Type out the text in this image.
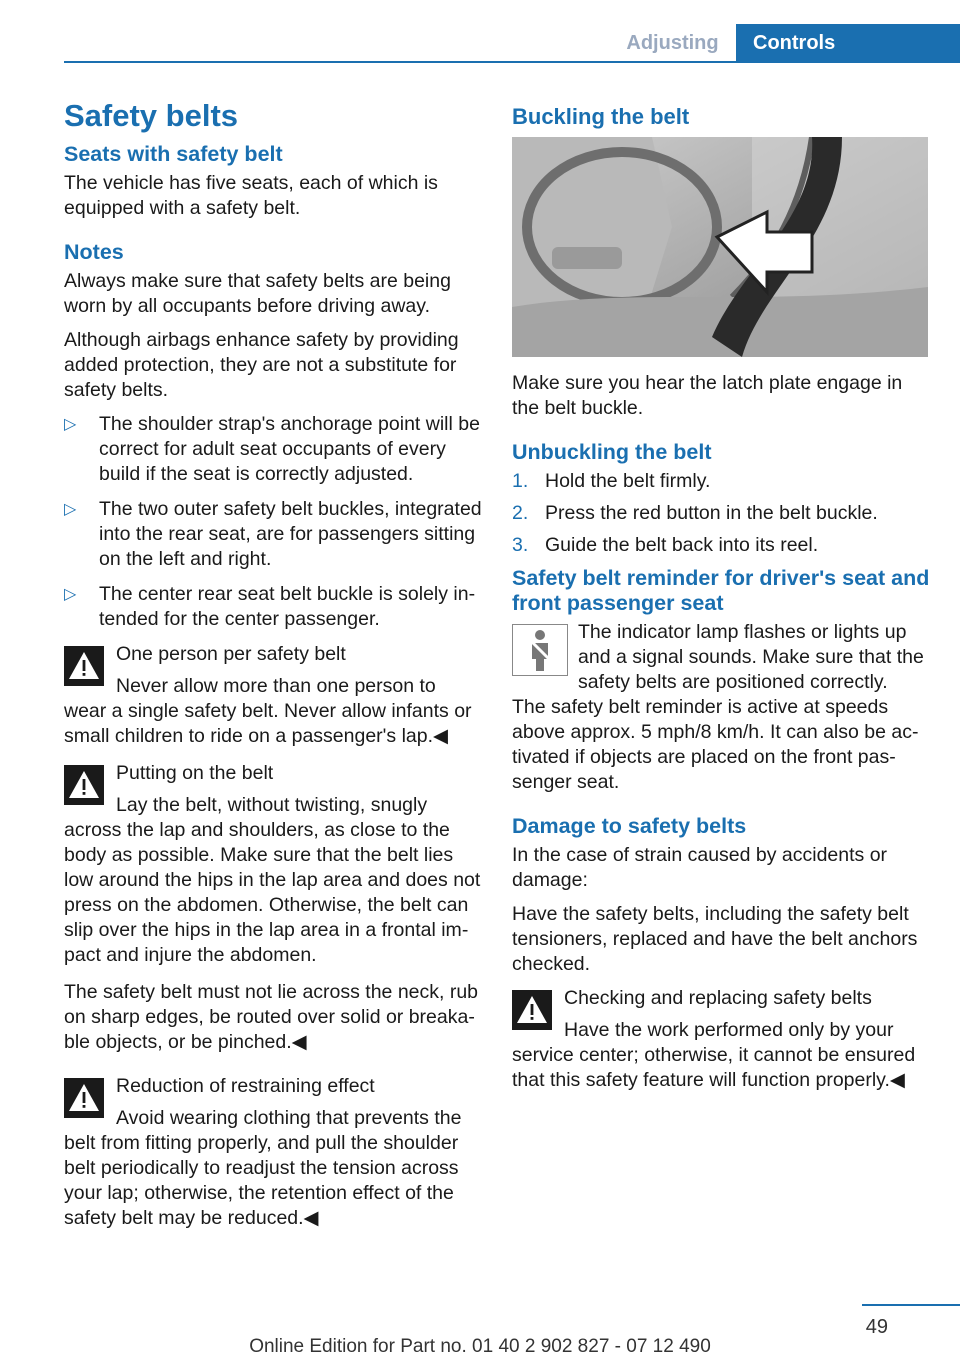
Adjusting	Controls
Safety belts
Seats with safety belt

The vehicle has five seats, each of which is equipped with a safety belt.

Notes

Always make sure that safety belts are being worn by all occupants before driving away.

Although airbags enhance safety by providing added protection, they are not a substitute for safety belts.

▷ The shoulder strap's anchorage point will be correct for adult seat occupants of every build if the seat is correctly adjusted.
▷ The two outer safety belt buckles, integrated into the rear seat, are for passengers sitting on the left and right.
▷ The center rear seat belt buckle is solely intended for the center passenger.
One person per safety belt
Never allow more than one person to wear a single safety belt. Never allow infants or small children to ride on a passenger's lap.◀
Putting on the belt
Lay the belt, without twisting, snugly across the lap and shoulders, as close to the body as possible. Make sure that the belt lies low around the hips in the lap area and does not press on the abdomen. Otherwise, the belt can slip over the hips in the lap area in a frontal impact and injure the abdomen.

The safety belt must not lie across the neck, rub on sharp edges, be routed over solid or breakable objects, or be pinched.◀

Reduction of restraining effect
Avoid wearing clothing that prevents the belt from fitting properly, and pull the shoulder belt periodically to readjust the tension across your lap; otherwise, the retention effect of the safety belt may be reduced.◀
Buckling the belt

Make sure you hear the latch plate engage in the belt buckle.

Unbuckling the belt
1. Hold the belt firmly.
2. Press the red button in the belt buckle.
3. Guide the belt back into its reel.
Safety belt reminder for driver's seat and front passenger seat
The indicator lamp flashes or lights up and a signal sounds. Make sure that the safety belts are positioned correctly.

The safety belt reminder is active at speeds above approx. 5 mph/8 km/h. It can also be activated if objects are placed on the front passenger seat.

Damage to safety belts

In the case of strain caused by accidents or damage:

Have the safety belts, including the safety belt tensioners, replaced and have the belt anchors checked.

Checking and replacing safety belts
Have the work performed only by your service center; otherwise, it cannot be ensured that this safety feature will function properly.◀
49
Online Edition for Part no. 01 40 2 902 827 - 07 12 490
